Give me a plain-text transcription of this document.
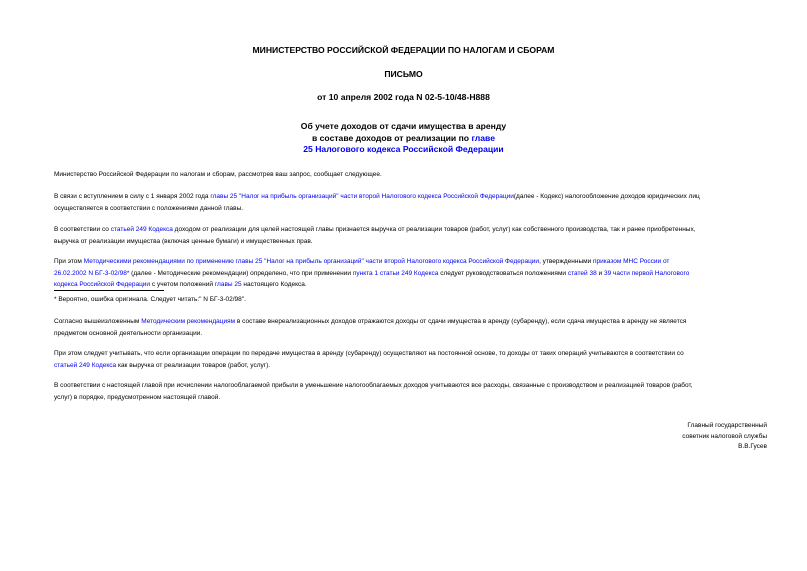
МИНИСТЕРСТВО РОССИЙСКОЙ ФЕДЕРАЦИИ ПО НАЛОГАМ И СБОРАМ
ПИСЬМО
от 10 апреля 2002 года N 02-5-10/48-Н888
Об учете доходов от сдачи имущества в аренду
в составе доходов от реализации по главе
25 Налогового кодекса Российской Федерации
Министерство Российской Федерации по налогам и сборам, рассмотрев ваш запрос, сообщает следующее.
В связи с вступлением в силу с 1 января 2002 года главы 25 "Налог на прибыль организаций" части второй Налогового кодекса Российской Федерации(далее - Кодекс) налогообложение доходов юридических лиц
осуществляется в соответствии с положениями данной главы.
В соответствии со статьей 249 Кодекса доходом от реализации для целей настоящей главы признается выручка от реализации товаров (работ, услуг) как собственного производства, так и ранее приобретенных,
выручка от реализации имущества (включая ценные бумаги) и имущественных прав.
При этом Методическими рекомендациями по применению главы 25 "Налог на прибыль организаций" части второй Налогового кодекса Российской Федерации, утвержденными приказом МНС России от
26.02.2002 N БГ-3-02/98* (далее - Методические рекомендации) определено, что при применении пункта 1 статьи 249 Кодекса следует руководствоваться положениями статей 38 и 39 части первой Налогового
кодекса Российской Федерации с учетом положений главы 25 настоящего Кодекса.
* Вероятно, ошибка оригинала. Следует читать:" N БГ-3-02/98".
Согласно вышеизложенным Методическим рекомендациям в составе внереализационных доходов отражаются доходы от сдачи имущества в аренду (субаренду), если сдача имущества в аренду не является
предметом основной деятельности организации.
При этом следует учитывать, что если организации операции по передаче имущества в аренду (субаренду) осуществляют на постоянной основе, то доходы от таких операций учитываются в соответствии со
статьей 249 Кодекса как выручка от реализации товаров (работ, услуг).
В соответствии с настоящей главой при исчислении налогооблагаемой прибыли в уменьшение налогооблагаемых доходов учитываются все расходы, связанные с производством и реализацией товаров (работ,
услуг) в порядке, предусмотренном настоящей главой.
Главный государственный
советник налоговой службы
В.В.Гусев
